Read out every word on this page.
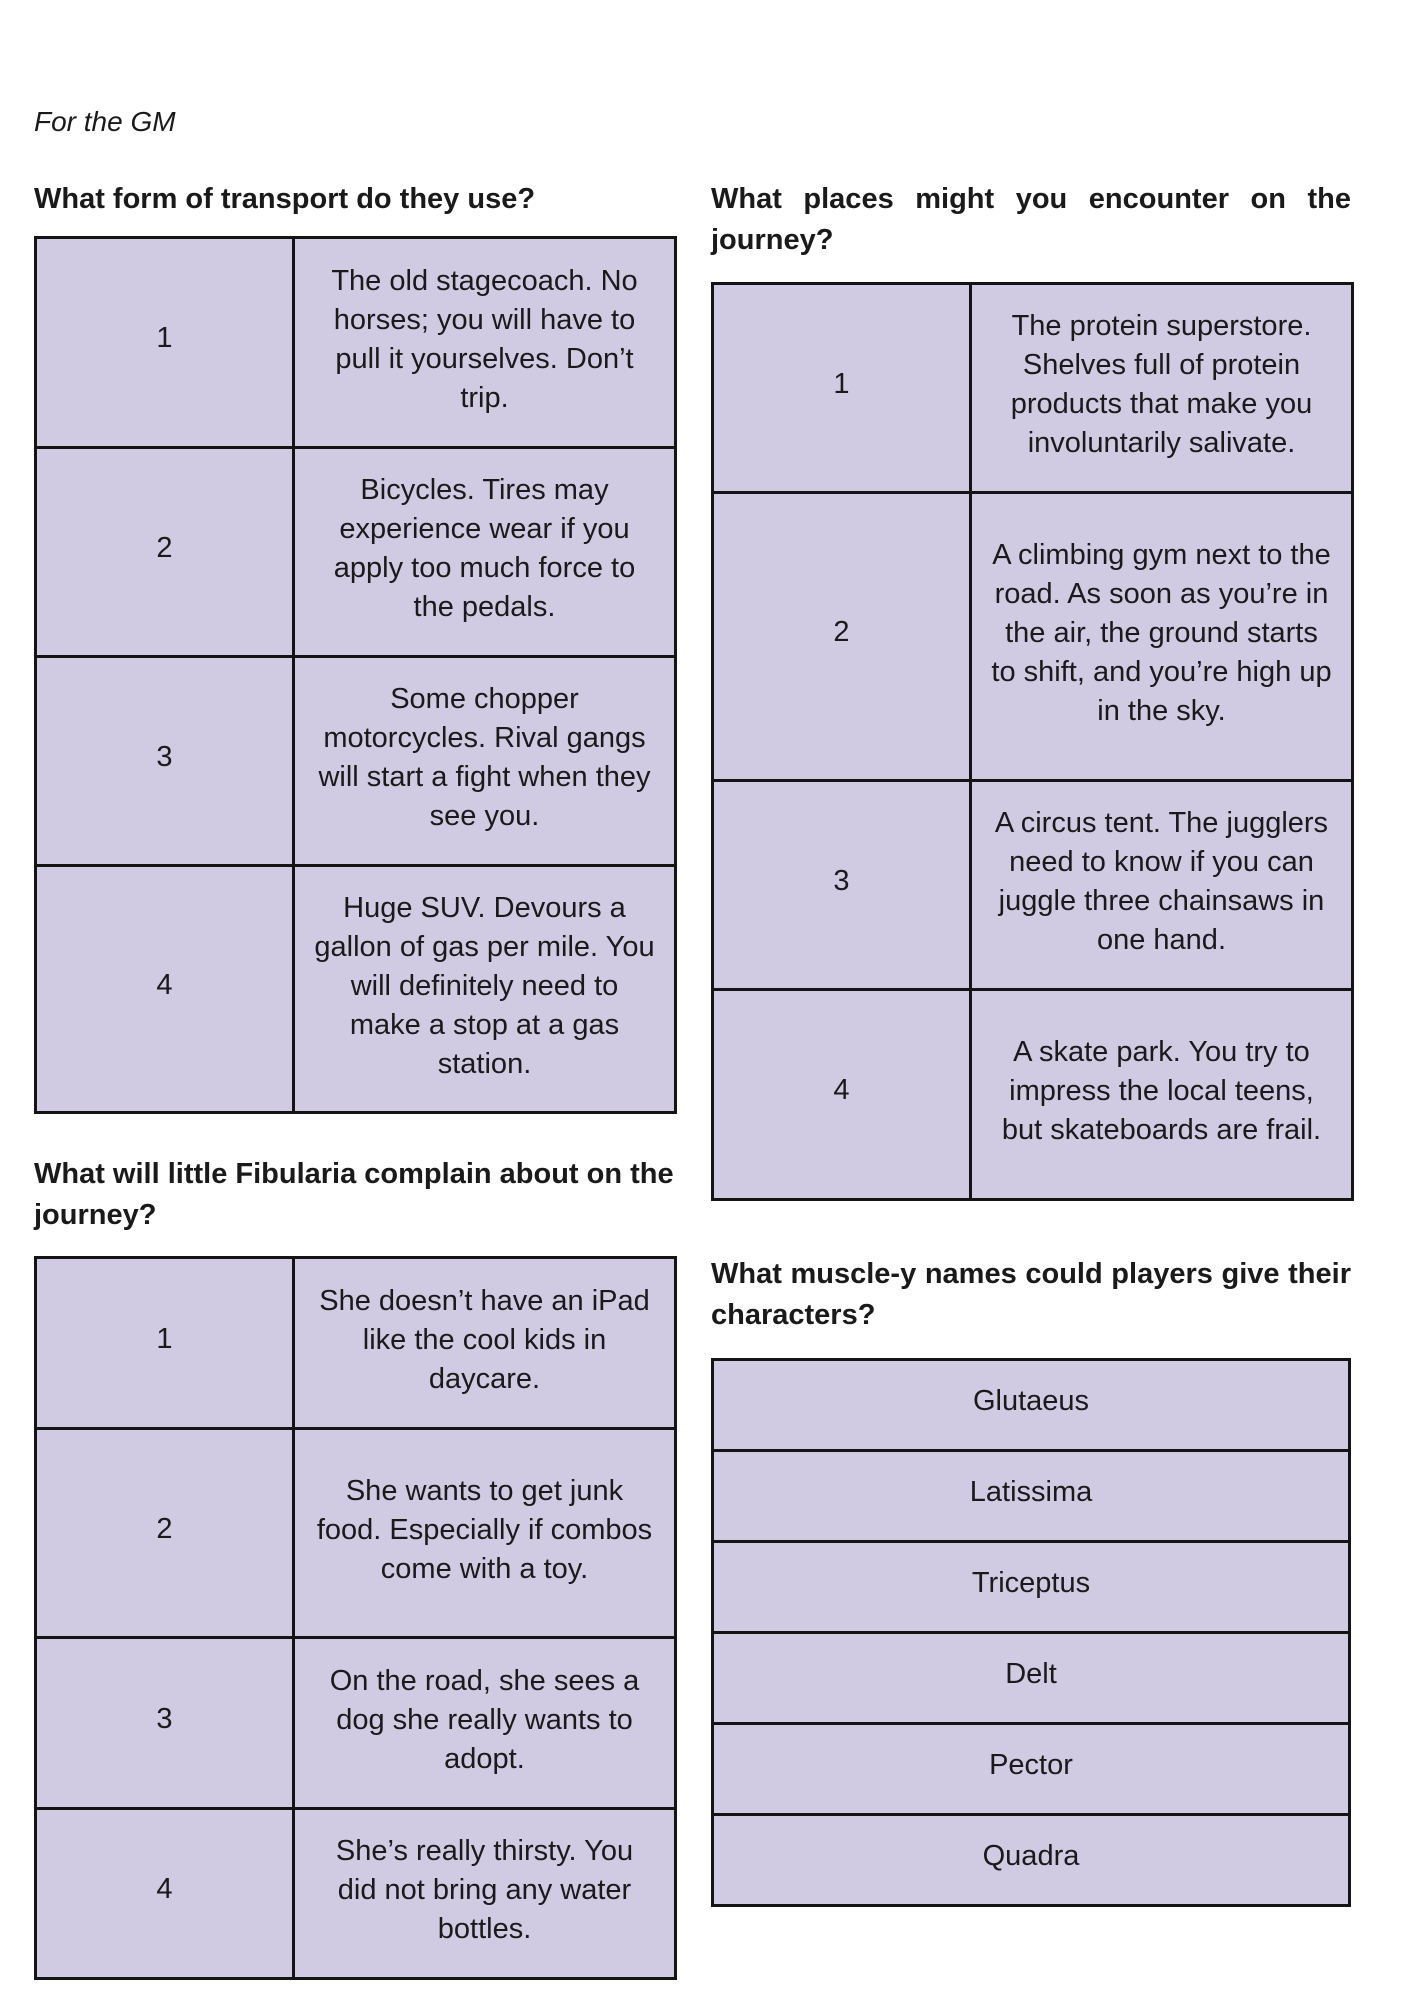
For the GM
What form of transport do they use?
1	The old stagecoach. No horses; you will have to pull it yourselves. Don’t trip.
2	Bicycles. Tires may experience wear if you apply too much force to the pedals.
3	Some chopper motorcycles. Rival gangs will start a fight when they see you.
4	Huge SUV. Devours a gallon of gas per mile. You will definitely need to make a stop at a gas station.
What places might you encounter on the journey?
1	The protein superstore. Shelves full of protein products that make you involuntarily salivate.
2	A climbing gym next to the road. As soon as you’re in the air, the ground starts to shift, and you’re high up in the sky.
3	A circus tent. The jugglers need to know if you can juggle three chainsaws in one hand.
4	A skate park. You try to impress the local teens, but skateboards are frail.
What will little Fibularia complain about on the journey?
1	She doesn’t have an iPad like the cool kids in daycare.
2	She wants to get junk food. Especially if combos come with a toy.
3	On the road, she sees a dog she really wants to adopt.
4	She’s really thirsty. You did not bring any water bottles.
What muscle-y names could players give their characters?
Glutaeus
Latissima
Triceptus
Delt
Pector
Quadra
